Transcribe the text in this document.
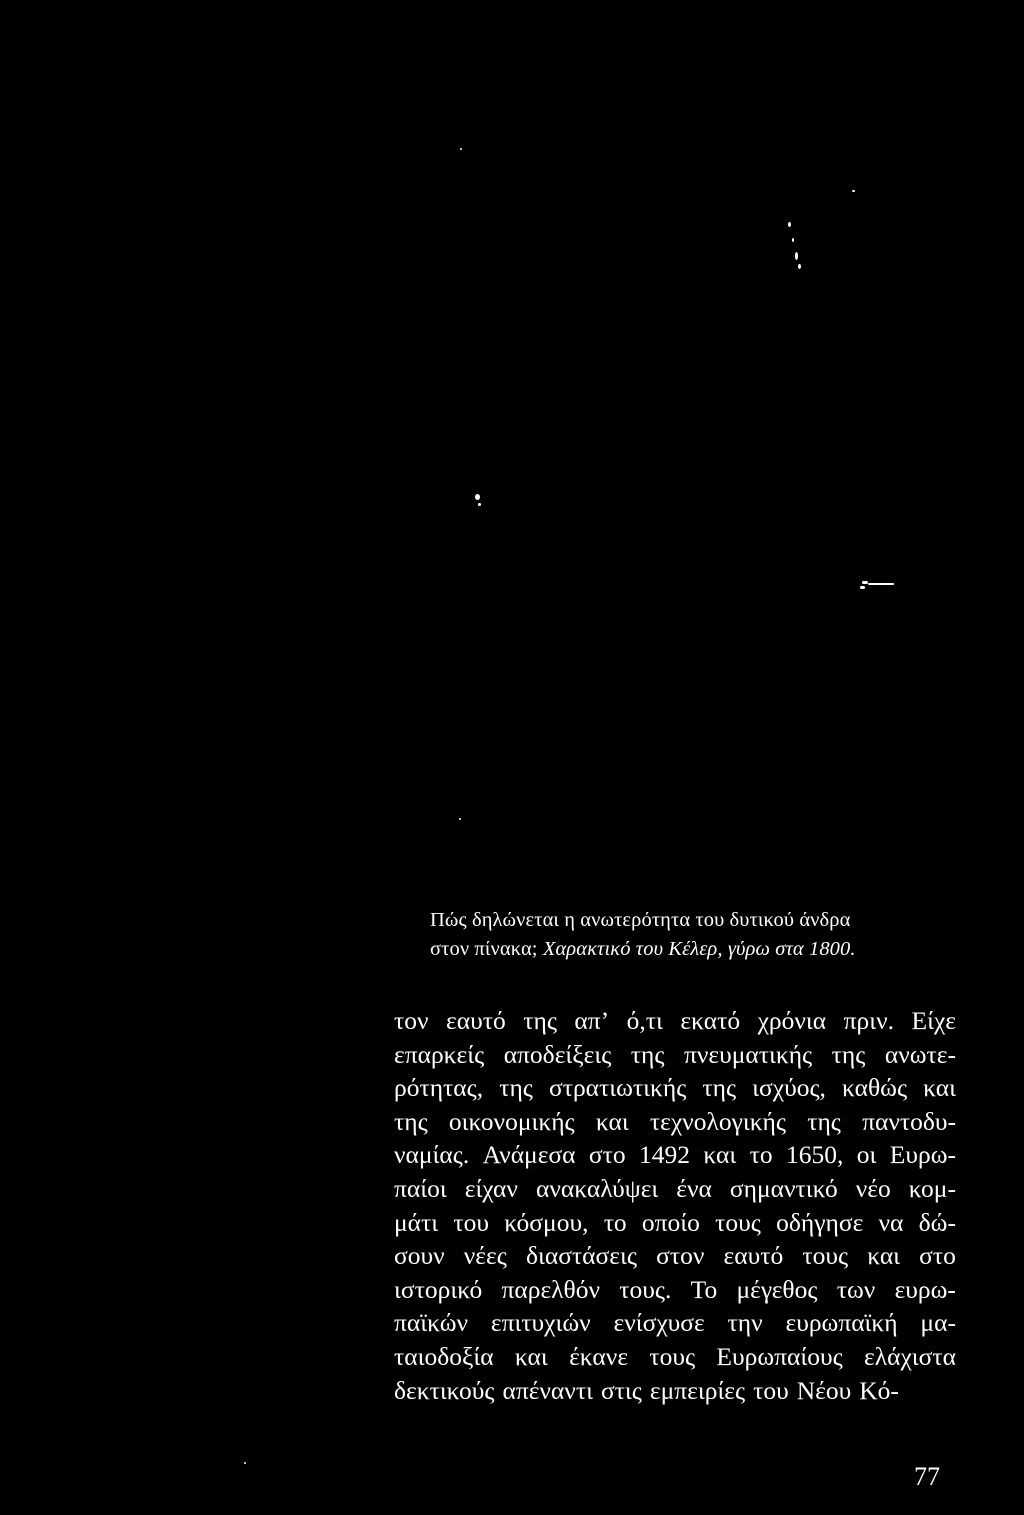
Πώς δηλώνεται η ανωτερότητα του δυτικού άνδρα
στον πίνακα; Χαρακτικό του Κέλερ, γύρω στα 1800.
τον εαυτό της απ’ ό,τι εκατό χρόνια πριν. Είχε
επαρκείς αποδείξεις της πνευματικής της ανωτε-
ρότητας, της στρατιωτικής της ισχύος, καθώς και
της οικονομικής και τεχνολογικής της παντοδυ-
ναμίας. Ανάμεσα στο 1492 και το 1650, οι Ευρω-
παίοι είχαν ανακαλύψει ένα σημαντικό νέο κομ-
μάτι του κόσμου, το οποίο τους οδήγησε να δώ-
σουν νέες διαστάσεις στον εαυτό τους και στο
ιστορικό παρελθόν τους. Το μέγεθος των ευρω-
παϊκών επιτυχιών ενίσχυσε την ευρωπαϊκή μα-
ταιοδοξία και έκανε τους Ευρωπαίους ελάχιστα
δεκτικούς απέναντι στις εμπειρίες του Νέου Κό-
77
